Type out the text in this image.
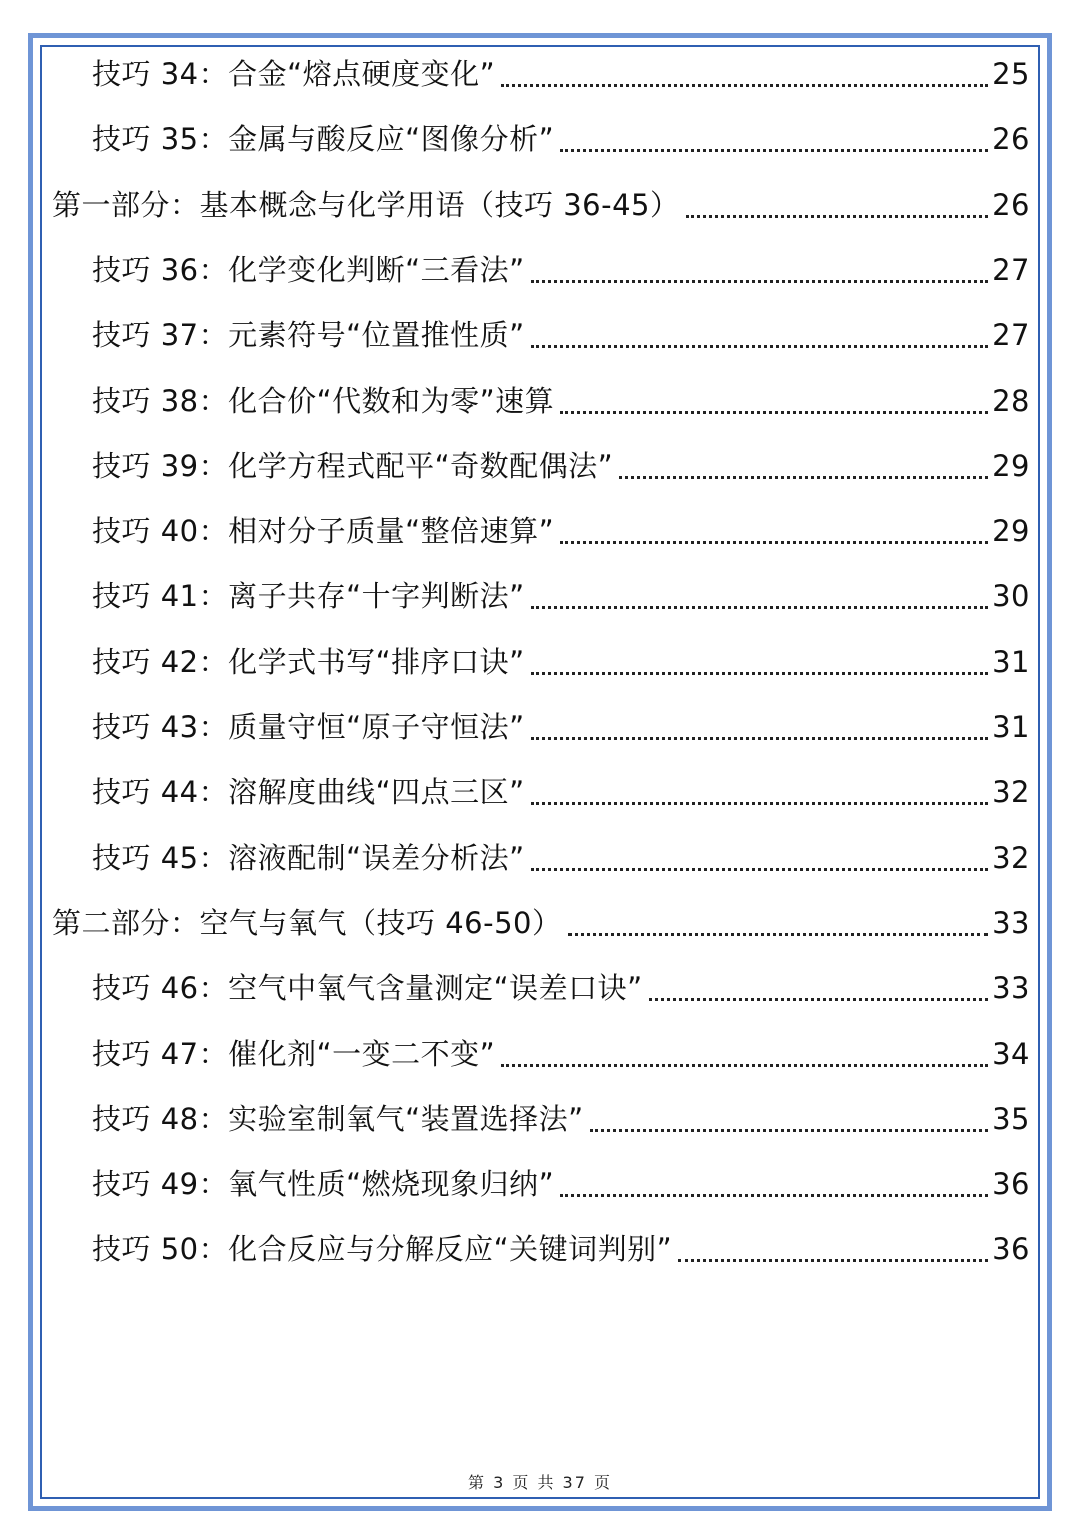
技巧 34：合金“熔点硬度变化”	25
技巧 35：金属与酸反应“图像分析”	26
第一部分：基本概念与化学用语（技巧 36-45）	26
技巧 36：化学变化判断“三看法”	27
技巧 37：元素符号“位置推性质”	27
技巧 38：化合价“代数和为零”速算	28
技巧 39：化学方程式配平“奇数配偶法”	29
技巧 40：相对分子质量“整倍速算”	29
技巧 41：离子共存“十字判断法”	30
技巧 42：化学式书写“排序口诀”	31
技巧 43：质量守恒“原子守恒法”	31
技巧 44：溶解度曲线“四点三区”	32
技巧 45：溶液配制“误差分析法”	32
第二部分：空气与氧气（技巧 46-50）	33
技巧 46：空气中氧气含量测定“误差口诀”	33
技巧 47：催化剂“一变二不变”	34
技巧 48：实验室制氧气“装置选择法”	35
技巧 49：氧气性质“燃烧现象归纳”	36
技巧 50：化合反应与分解反应“关键词判别”	36
第 3 页 共 37 页
